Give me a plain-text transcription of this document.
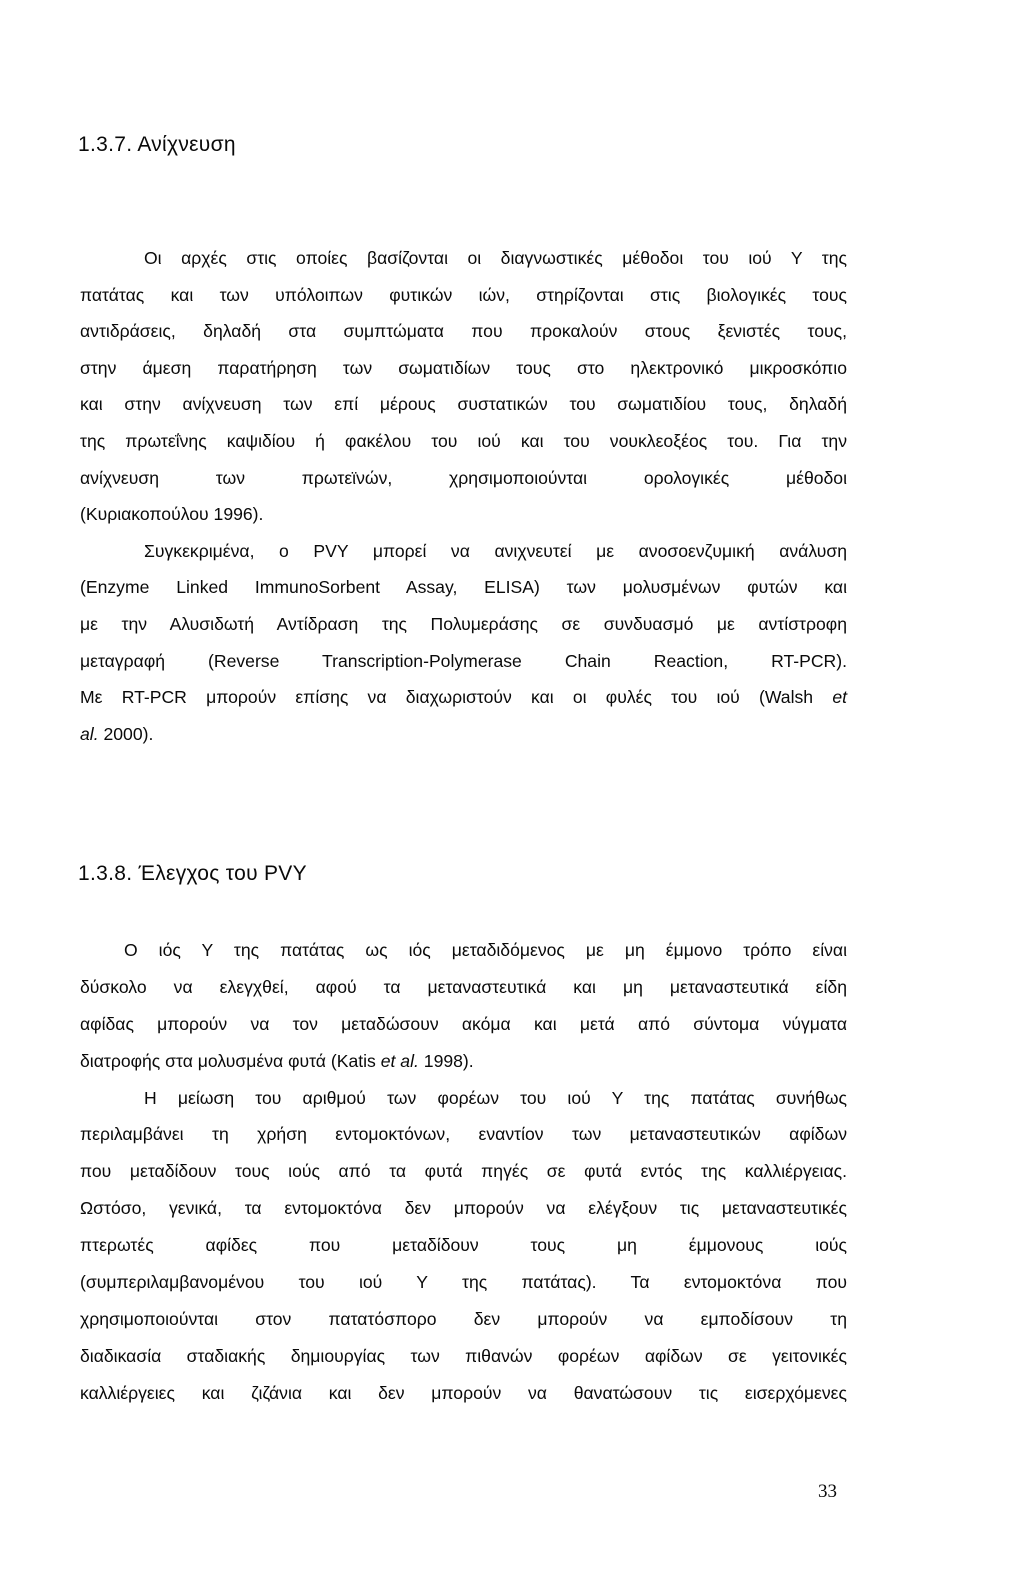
1.3.7. Ανίχνευση
Οι αρχές στις οποίες βασίζονται οι διαγνωστικές μέθοδοι του ιού Υ της
πατάτας και των υπόλοιπων φυτικών ιών, στηρίζονται στις βιολογικές τους
αντιδράσεις, δηλαδή στα συμπτώματα που προκαλούν στους ξενιστές τους,
στην άμεση παρατήρηση των σωματιδίων τους στο ηλεκτρονικό μικροσκόπιο
και στην ανίχνευση των επί μέρους συστατικών του σωματιδίου τους, δηλαδή
της πρωτεΐνης καψιδίου ή φακέλου του ιού και του νουκλεοξέος του. Για την
ανίχνευση των πρωτεϊνών, χρησιμοποιούνται ορολογικές μέθοδοι
(Κυριακοπούλου 1996).
Συγκεκριμένα, ο PVY μπορεί να ανιχνευτεί με ανοσοενζυμική ανάλυση
(Enzyme Linked ImmunoSorbent Assay, ELISA) των μολυσμένων φυτών και
με την Αλυσιδωτή Αντίδραση της Πολυμεράσης σε συνδυασμό με αντίστροφη
μεταγραφή (Reverse Transcription-Polymerase Chain Reaction, RT-PCR).
Με RT-PCR μπορούν επίσης να διαχωριστούν και οι φυλές του ιού (Walsh et
al. 2000).
1.3.8. Έλεγχος του PVY
Ο ιός Υ της πατάτας ως ιός μεταδιδόμενος με μη έμμονο τρόπο είναι
δύσκολο να ελεγχθεί, αφού τα μεταναστευτικά και μη μεταναστευτικά είδη
αφίδας μπορούν να τον μεταδώσουν ακόμα και μετά από σύντομα νύγματα
διατροφής στα μολυσμένα φυτά (Katis et al. 1998).
Η μείωση του αριθμού των φορέων του ιού Υ της πατάτας συνήθως
περιλαμβάνει τη χρήση εντομοκτόνων, εναντίον των μεταναστευτικών αφίδων
που μεταδίδουν τους ιούς από τα φυτά πηγές σε φυτά εντός της καλλιέργειας.
Ωστόσο, γενικά, τα εντομοκτόνα δεν μπορούν να ελέγξουν τις μεταναστευτικές
πτερωτές αφίδες που μεταδίδουν τους μη έμμονους ιούς
(συμπεριλαμβανομένου του ιού Υ της πατάτας). Τα εντομοκτόνα που
χρησιμοποιούνται στον πατατόσπορο δεν μπορούν να εμποδίσουν τη
διαδικασία σταδιακής δημιουργίας των πιθανών φορέων αφίδων σε γειτονικές
καλλιέργειες και ζιζάνια και δεν μπορούν να θανατώσουν τις εισερχόμενες
33
